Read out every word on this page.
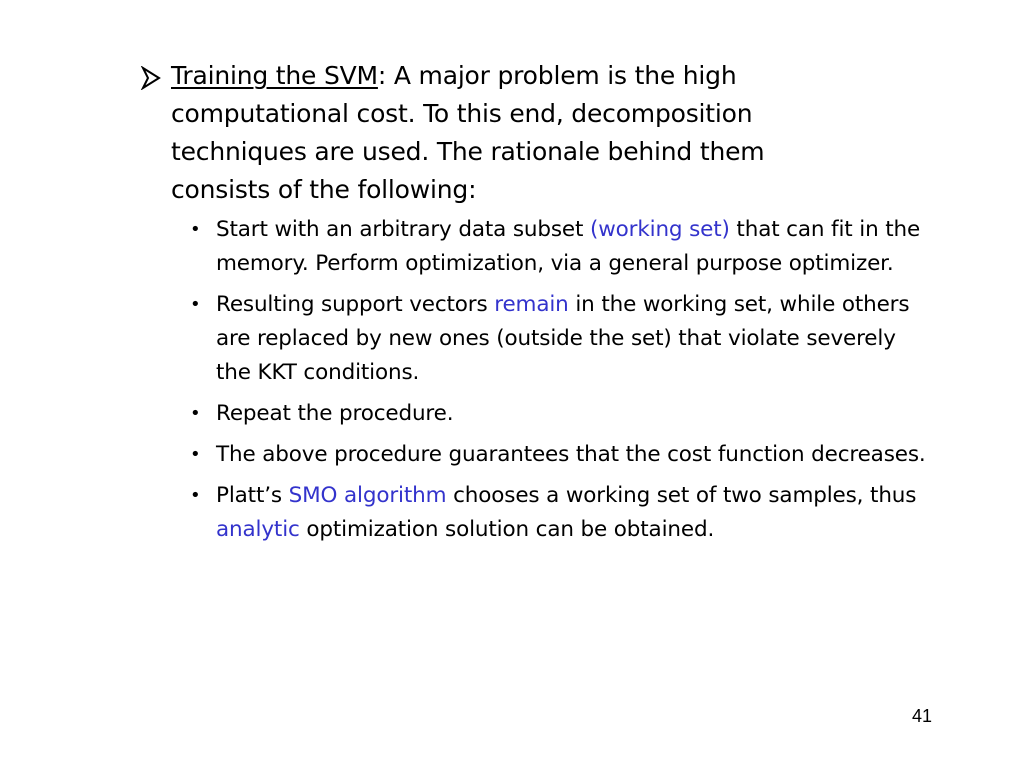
Training the SVM: A major problem is the high computational cost. To this end, decomposition techniques are used. The rationale behind them consists of the following:
• Start with an arbitrary data subset (working set) that can fit in the memory. Perform optimization, via a general purpose optimizer.
• Resulting support vectors remain in the working set, while others are replaced by new ones (outside the set) that violate severely the KKT conditions.
• Repeat the procedure.
• The above procedure guarantees that the cost function decreases.
• Platt’s SMO algorithm chooses a working set of two samples, thus analytic optimization solution can be obtained.
41
